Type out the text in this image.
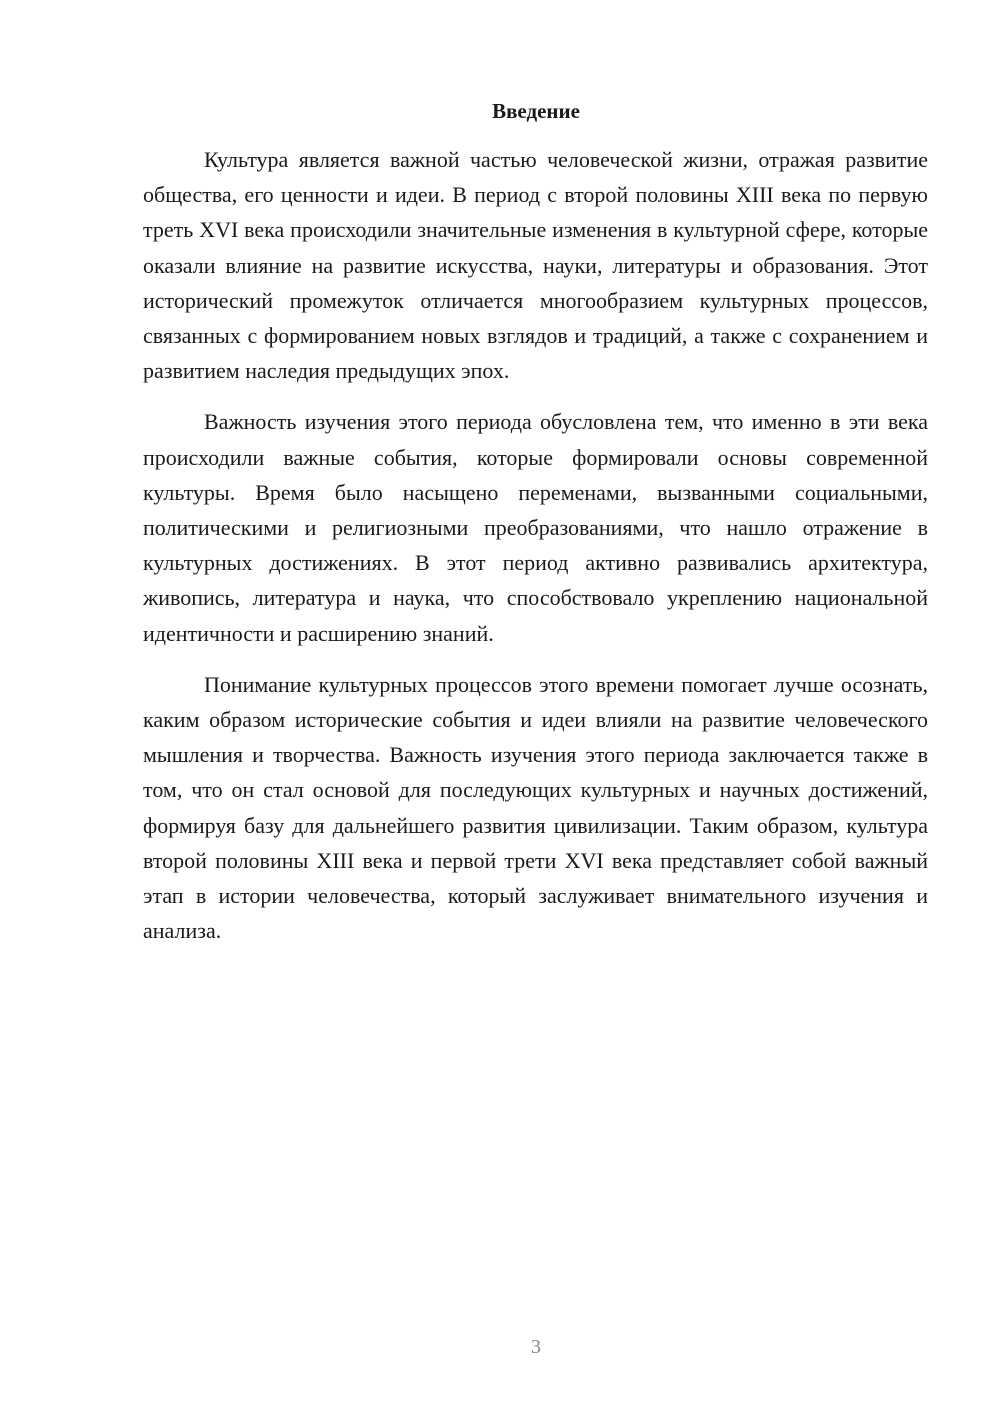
Введение

Культура является важной частью человеческой жизни, отражая развитие общества, его ценности и идеи. В период с второй половины XIII века по первую треть XVI века происходили значительные изменения в культурной сфере, которые оказали влияние на развитие искусства, науки, литературы и образования. Этот исторический промежуток отличается многообразием культурных процессов, связанных с формированием новых взглядов и традиций, а также с сохранением и развитием наследия предыдущих эпох.

Важность изучения этого периода обусловлена тем, что именно в эти века происходили важные события, которые формировали основы современной культуры. Время было насыщено переменами, вызванными социальными, политическими и религиозными преобразованиями, что нашло отражение в культурных достижениях. В этот период активно развивались архитектура, живопись, литература и наука, что способствовало укреплению национальной идентичности и расширению знаний.

Понимание культурных процессов этого времени помогает лучше осознать, каким образом исторические события и идеи влияли на развитие человеческого мышления и творчества. Важность изучения этого периода заключается также в том, что он стал основой для последующих культурных и научных достижений, формируя базу для дальнейшего развития цивилизации. Таким образом, культура второй половины XIII века и первой трети XVI века представляет собой важный этап в истории человечества, который заслуживает внимательного изучения и анализа.

3
